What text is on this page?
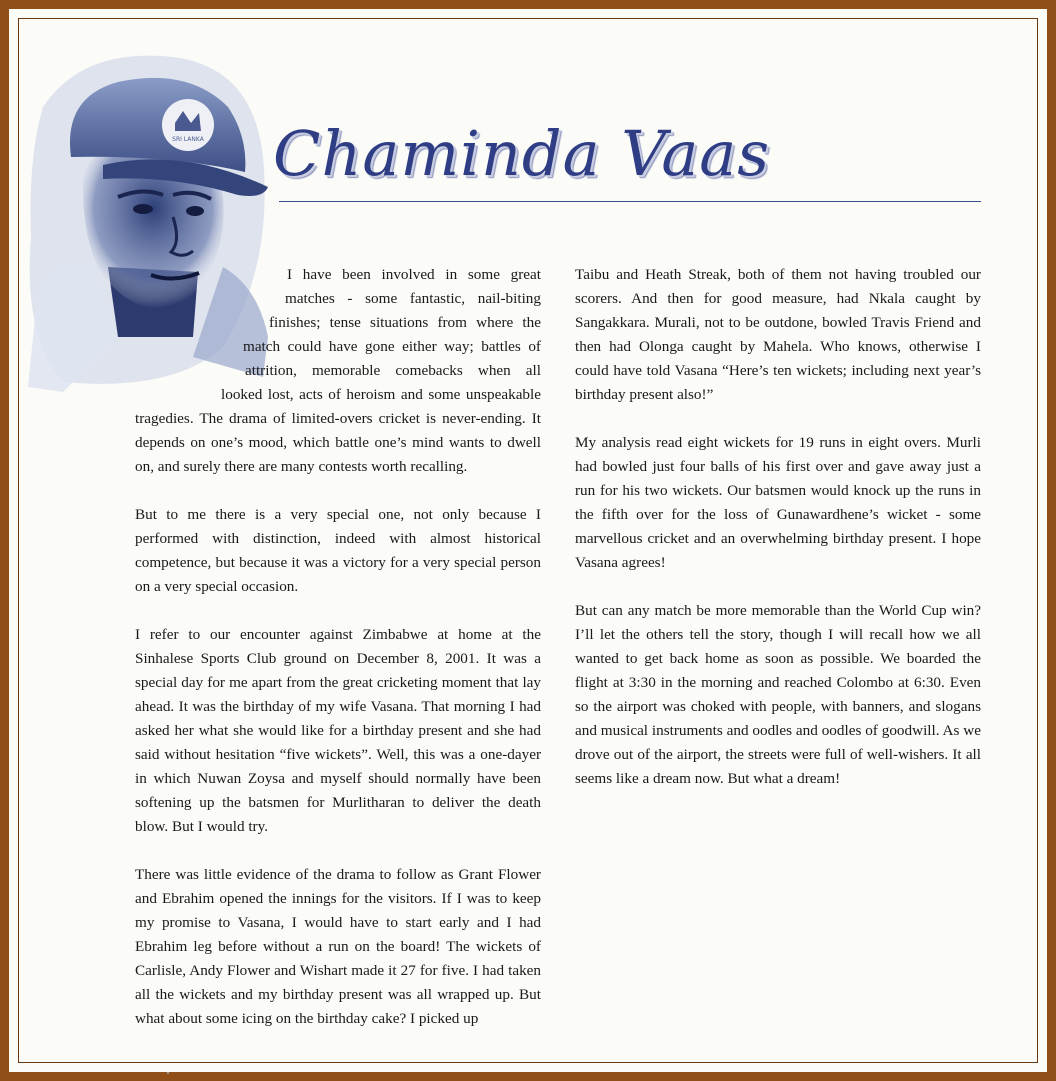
SRI LANKA Chaminda Vaas

I have been involved in some great matches - some fantastic, nail-biting finishes; tense situations from where the match could have gone either way; battles of attrition, memorable comebacks when all looked lost, acts of heroism and some unspeakable tragedies. The drama of limited-overs cricket is never-ending. It depends on one’s mood, which battle one’s mind wants to dwell on, and surely there are many contests worth recalling.

But to me there is a very special one, not only because I performed with distinction, indeed with almost historical competence, but because it was a victory for a very special person on a very special occasion.

I refer to our encounter against Zimbabwe at home at the Sinhalese Sports Club ground on December 8, 2001. It was a special day for me apart from the great cricketing moment that lay ahead. It was the birthday of my wife Vasana. That morning I had asked her what she would like for a birthday present and she had said without hesitation “five wickets”. Well, this was a one-dayer in which Nuwan Zoysa and myself should normally have been softening up the batsmen for Murlitharan to deliver the death blow. But I would try.

There was little evidence of the drama to follow as Grant Flower and Ebrahim opened the innings for the visitors. If I was to keep my promise to Vasana, I would have to start early and I had Ebrahim leg before without a run on the board! The wickets of Carlisle, Andy Flower and Wishart made it 27 for five. I had taken all the wickets and my birthday present was all wrapped up. But what about some icing on the birthday cake? I picked up

Taibu and Heath Streak, both of them not having troubled our scorers. And then for good measure, had Nkala caught by Sangakkara. Murali, not to be outdone, bowled Travis Friend and then had Olonga caught by Mahela. Who knows, otherwise I could have told Vasana “Here’s ten wickets; including next year’s birthday present also!”

My analysis read eight wickets for 19 runs in eight overs. Murli had bowled just four balls of his first over and gave away just a run for his two wickets. Our batsmen would knock up the runs in the fifth over for the loss of Gunawardhene’s wicket - some marvellous cricket and an overwhelming birthday present. I hope Vasana agrees!

But can any match be more memorable than the World Cup win? I’ll let the others tell the story, though I will recall how we all wanted to get back home as soon as possible. We boarded the flight at 3:30 in the morning and reached Colombo at 6:30. Even so the airport was choked with people, with banners, and slogans and musical instruments and oodles and oodles of goodwill. As we drove out of the airport, the streets were full of well-wishers. It all seems like a dream now. But what a dream!
